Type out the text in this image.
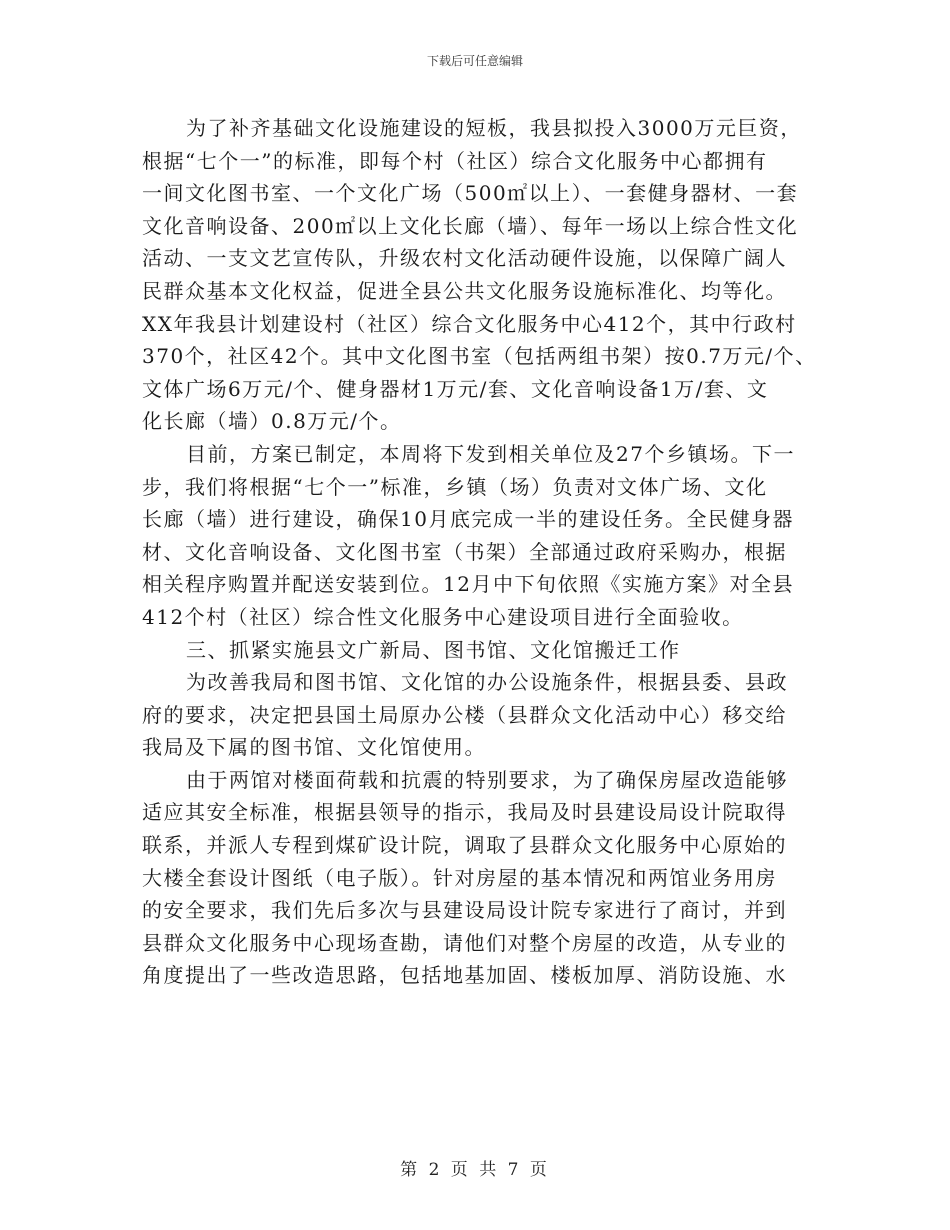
下载后可任意编辑
为了补齐基础文化设施建设的短板，我县拟投入3000万元巨资，
根据“七个一”的标准，即每个村（社区）综合文化服务中心都拥有
一间文化图书室、一个文化广场（500㎡以上）、一套健身器材、一套
文化音响设备、200㎡以上文化长廊（墙）、每年一场以上综合性文化
活动、一支文艺宣传队，升级农村文化活动硬件设施，以保障广阔人
民群众基本文化权益，促进全县公共文化服务设施标准化、均等化。
XX年我县计划建设村（社区）综合文化服务中心412个，其中行政村
370个，社区42个。其中文化图书室（包括两组书架）按0.7万元/个、
文体广场6万元/个、健身器材1万元/套、文化音响设备1万/套、文
化长廊（墙）0.8万元/个。
目前，方案已制定，本周将下发到相关单位及27个乡镇场。下一
步，我们将根据“七个一”标准，乡镇（场）负责对文体广场、文化
长廊（墙）进行建设，确保10月底完成一半的建设任务。全民健身器
材、文化音响设备、文化图书室（书架）全部通过政府采购办，根据
相关程序购置并配送安装到位。12月中下旬依照《实施方案》对全县
412个村（社区）综合性文化服务中心建设项目进行全面验收。
三、抓紧实施县文广新局、图书馆、文化馆搬迁工作
为改善我局和图书馆、文化馆的办公设施条件，根据县委、县政
府的要求，决定把县国土局原办公楼（县群众文化活动中心）移交给
我局及下属的图书馆、文化馆使用。
由于两馆对楼面荷载和抗震的特别要求，为了确保房屋改造能够
适应其安全标准，根据县领导的指示，我局及时县建设局设计院取得
联系，并派人专程到煤矿设计院，调取了县群众文化服务中心原始的
大楼全套设计图纸（电子版）。针对房屋的基本情况和两馆业务用房
的安全要求，我们先后多次与县建设局设计院专家进行了商讨，并到
县群众文化服务中心现场查勘，请他们对整个房屋的改造，从专业的
角度提出了一些改造思路，包括地基加固、楼板加厚、消防设施、水
第 2 页 共 7 页
